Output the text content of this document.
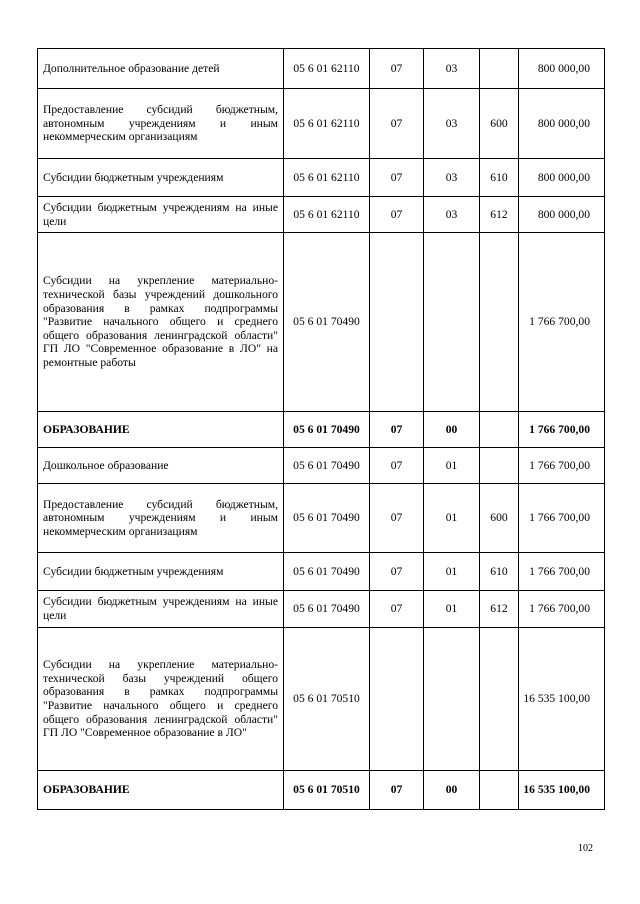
Дополнительное образование детей	05 6 01 62110	07	03		800 000,00
Предоставление субсидий бюджетным, автономным учреждениям и иным некоммерческим организациям	05 6 01 62110	07	03	600	800 000,00
Субсидии бюджетным учреждениям	05 6 01 62110	07	03	610	800 000,00
Субсидии бюджетным учреждениям на иные цели	05 6 01 62110	07	03	612	800 000,00
Субсидии на укрепление материально-технической базы учреждений дошкольного образования в рамках подпрограммы "Развитие начального общего и среднего общего образования ленинградской области" ГП ЛО "Современное образование в ЛО" на ремонтные работы	05 6 01 70490				1 766 700,00
ОБРАЗОВАНИЕ	05 6 01 70490	07	00		1 766 700,00
Дошкольное образование	05 6 01 70490	07	01		1 766 700,00
Предоставление субсидий бюджетным, автономным учреждениям и иным некоммерческим организациям	05 6 01 70490	07	01	600	1 766 700,00
Субсидии бюджетным учреждениям	05 6 01 70490	07	01	610	1 766 700,00
Субсидии бюджетным учреждениям на иные цели	05 6 01 70490	07	01	612	1 766 700,00
Субсидии на укрепление материально-технической базы учреждений общего образования в рамках подпрограммы "Развитие начального общего и среднего общего образования ленинградской области" ГП ЛО "Современное образование в ЛО"	05 6 01 70510				16 535 100,00
ОБРАЗОВАНИЕ	05 6 01 70510	07	00		16 535 100,00
102
